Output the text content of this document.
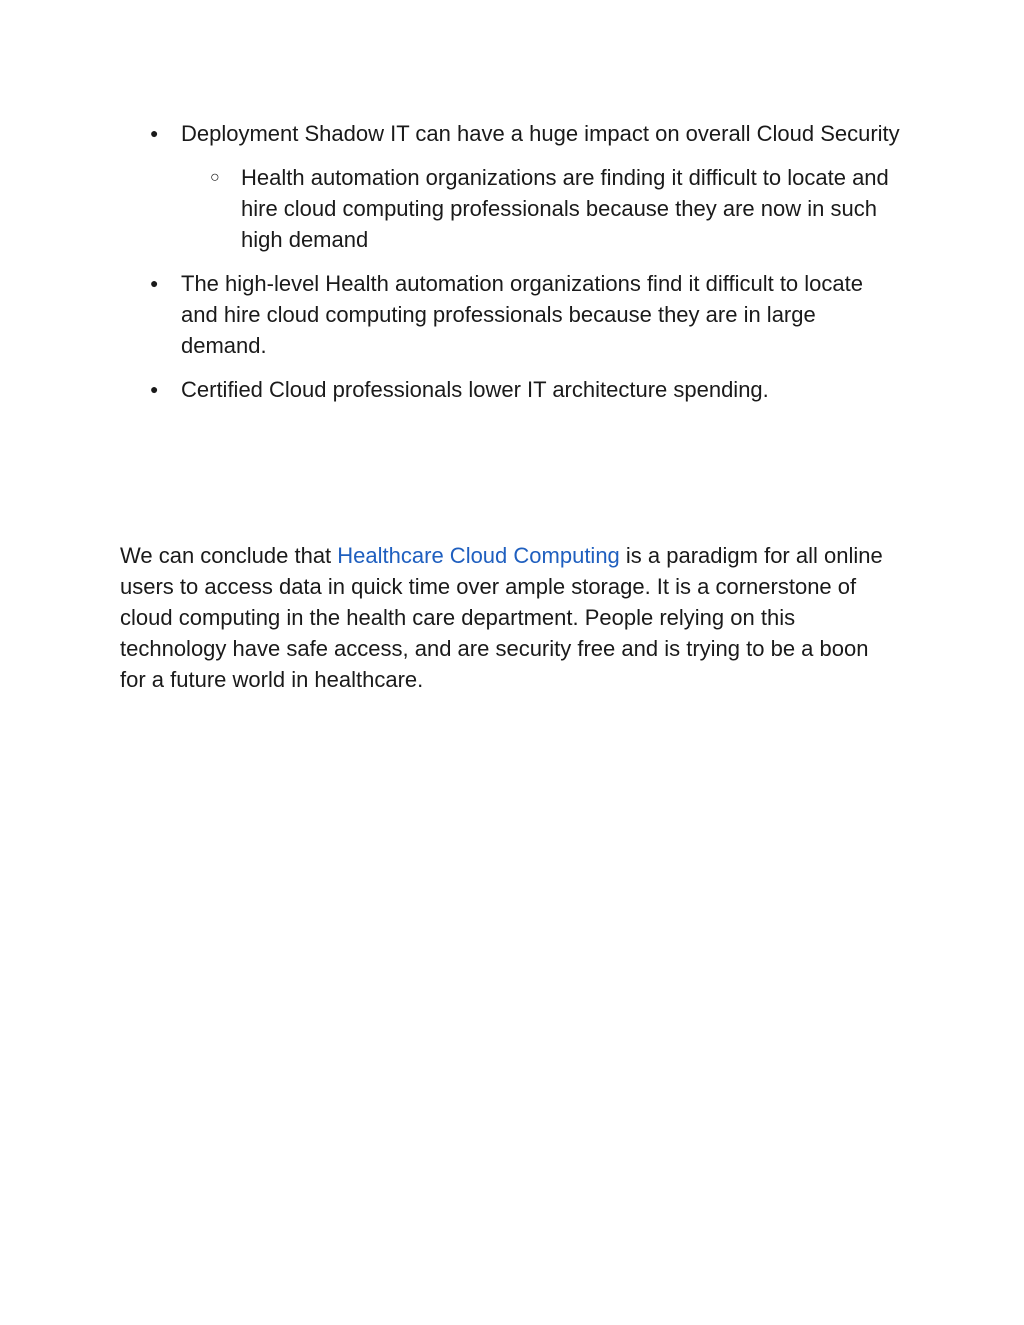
● Deployment Shadow IT can have a huge impact on overall Cloud Security
○ Health automation organizations are finding it difficult to locate and hire cloud computing professionals because they are now in such high demand
● The high-level Health automation organizations find it difficult to locate and hire cloud computing professionals because they are in large demand.
● Certified Cloud professionals lower IT architecture spending.

We can conclude that Healthcare Cloud Computing is a paradigm for all online users to access data in quick time over ample storage. It is a cornerstone of cloud computing in the health care department. People relying on this technology have safe access, and are security free and is trying to be a boon for a future world in healthcare.
